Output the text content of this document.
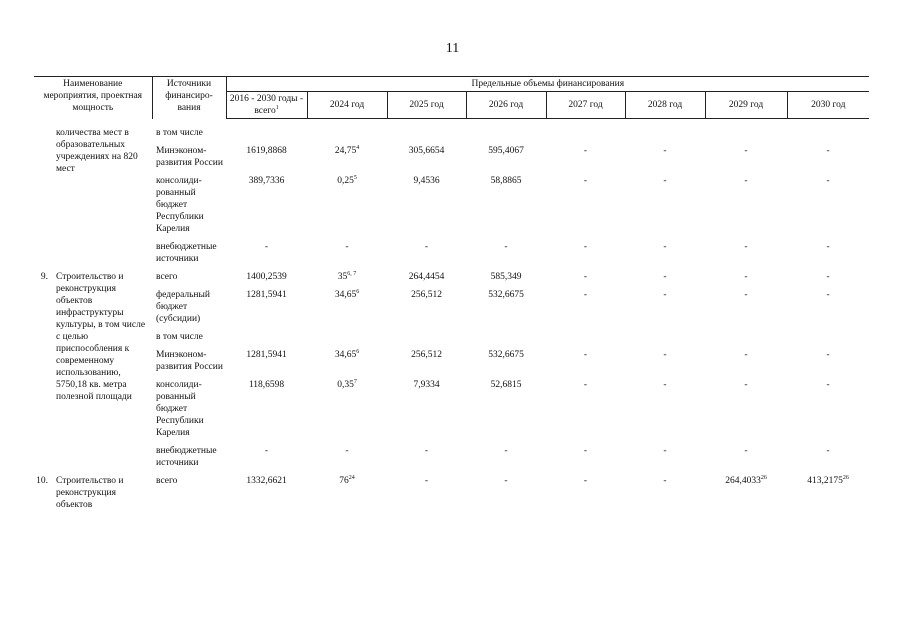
11
Наименование мероприятия, проектная мощность		Источники финансиро-вания	Предельные объемы финансирования							
			2016 - 2030 годы - всего$^1$	2024 год	2025 год	2026 год	2027 год	2028 год	2029 год	2030 год

	количества мест в образовательных учреждениях на 820 мест	в том числе								
		Минэконом-развития России	1619,8868	24,75$^4$	305,6654	595,4067	-	-	-	-
		консолиди-рованный бюджет Республики Карелия	389,7336	0,25$^5$	9,4536	58,8865	-	-	-	-
		внебюджетные источники	-	-	-	-	-	-	-	-
9.	Строительство и реконструкция объектов инфраструктуры культуры, в том числе с целью приспособления к современному использованию, 5750,18 кв. метра полезной площади	всего	1400,2539	35$^{6, 7}$	264,4454	585,349	-	-	-	-
		федеральный бюджет (субсидии)	1281,5941	34,65$^6$	256,512	532,6675	-	-	-	-
		в том числе								
		Минэконом-развития России	1281,5941	34,65$^6$	256,512	532,6675	-	-	-	-
		консолиди-рованный бюджет Республики Карелия	118,6598	0,35$^7$	7,9334	52,6815	-	-	-	-
		внебюджетные источники	-	-	-	-	-	-	-	-
10.	Строительство и реконструкция объектов	всего	1332,6621	$76^{24}$	-	-	-	-	264,4033$^{26}$	413,2175$^{26}$
